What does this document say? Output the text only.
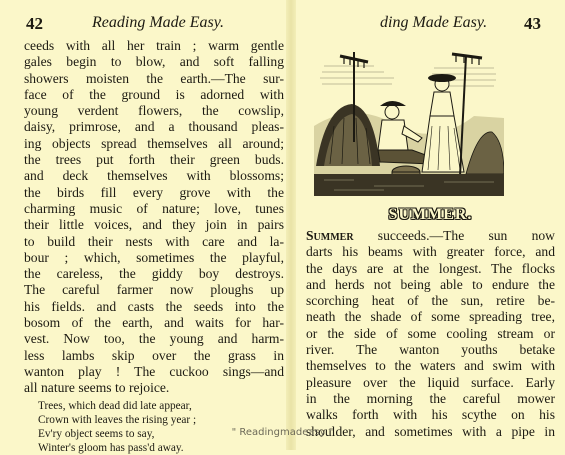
42	Reading Made Easy.

ceeds with all her train ; warm gentle

gales begin to blow, and soft falling

showers moisten the earth.—The sur-

face of the ground is adorned with

young verdent flowers, the cowslip,

daisy, primrose, and a thousand pleas-

ing objects spread themselves all around;

the trees put forth their green buds.

and deck themselves with blossoms;

the birds fill every grove with the

charming music of nature; love, tunes

their little voices, and they join in pairs

to build their nests with care and la-

bour ; which, sometimes the playful,

the careless, the giddy boy destroys.

The careful farmer now ploughs up

his fields. and casts the seeds into the

bosom of the earth, and waits for har-

vest. Now too, the young and harm-

less lambs skip over the grass in

wanton play ! The cuckoo sings—and

all nature seems to rejoice.

Trees, which dead did late appear,
Crown with leaves the rising year ;
Ev'ry object seems to say,
Winter's gloom has pass'd away.
ding Made Easy. 43
SUMMER.

Summer succeeds.—The sun now

darts his beams with greater force, and

the days are at the longest. The flocks

and herds not being able to endure the

scorching heat of the sun, retire be-

neath the shade of some spreading tree,

or the side of some cooling stream or

river. The wanton youths betake

themselves to the waters and swim with

pleasure over the liquid surface. Early

in the morning the careful mower

walks forth with his scythe on his

shoulder, and sometimes with a pipe in

" Readingmadeasy "
